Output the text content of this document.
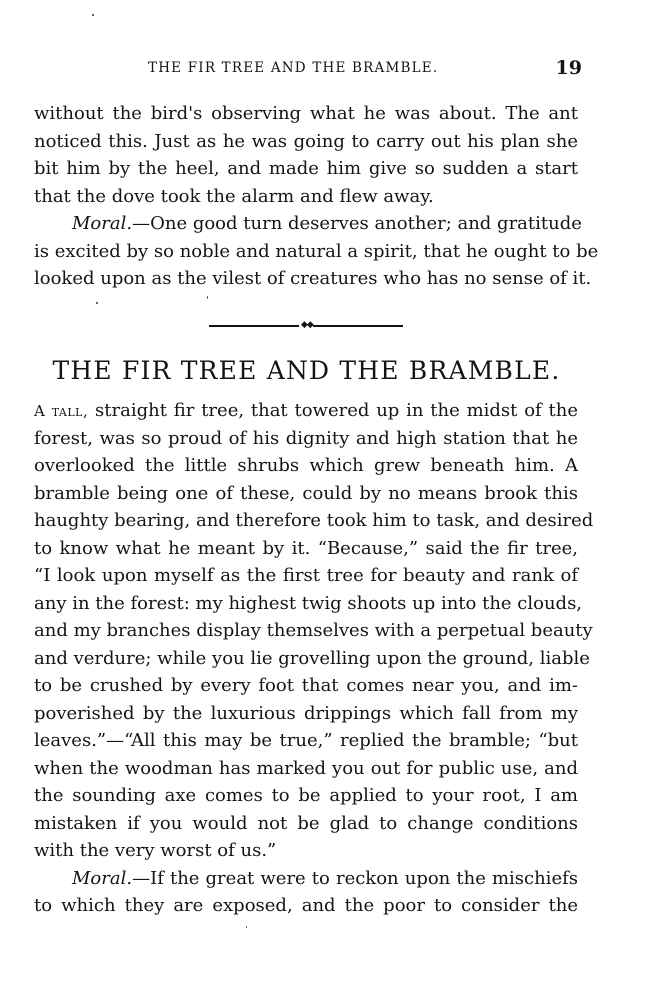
THE FIR TREE AND THE BRAMBLE.	19
without the bird's observing what he was about. The ant
noticed this. Just as he was going to carry out his plan she
bit him by the heel, and made him give so sudden a start
that the dove took the alarm and flew away.
Moral.—One good turn deserves another; and gratitude
is excited by so noble and natural a spirit, that he ought to be
looked upon as the vilest of creatures who has no sense of it.
◆◆
THE FIR TREE AND THE BRAMBLE.
A tall, straight fir tree, that towered up in the midst of the
forest, was so proud of his dignity and high station that he
overlooked the little shrubs which grew beneath him. A
bramble being one of these, could by no means brook this
haughty bearing, and therefore took him to task, and desired
to know what he meant by it. “Because,” said the fir tree,
“I look upon myself as the first tree for beauty and rank of
any in the forest: my highest twig shoots up into the clouds,
and my branches display themselves with a perpetual beauty
and verdure; while you lie grovelling upon the ground, liable
to be crushed by every foot that comes near you, and im-
poverished by the luxurious drippings which fall from my
leaves.”—“All this may be true,” replied the bramble; “but
when the woodman has marked you out for public use, and
the sounding axe comes to be applied to your root, I am
mistaken if you would not be glad to change conditions
with the very worst of us.”
Moral.—If the great were to reckon upon the mischiefs
to which they are exposed, and the poor to consider the
